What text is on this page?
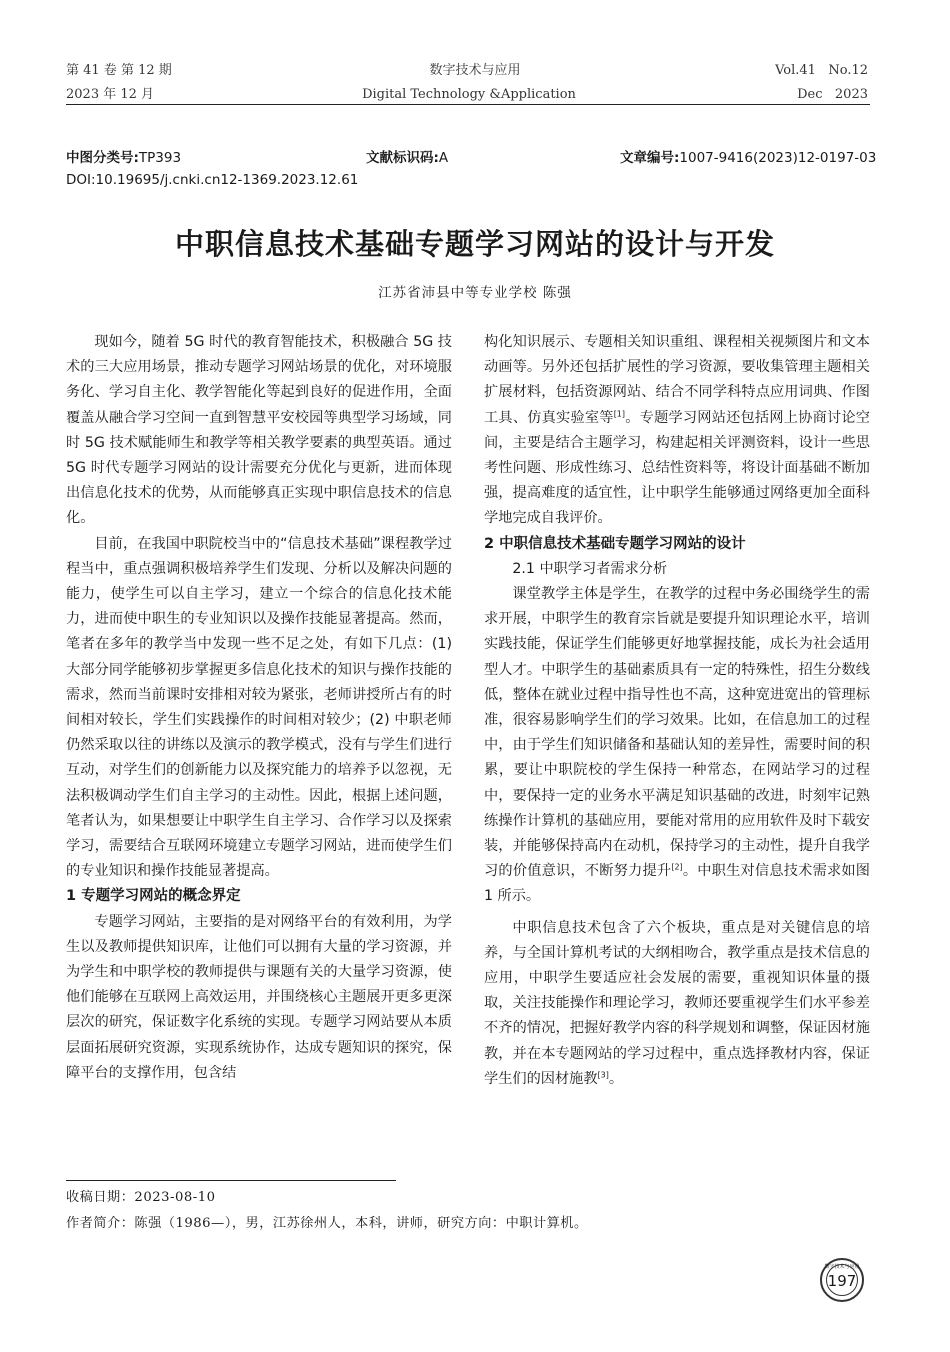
第 41 卷 第 12 期
2023 年 12 月
数字技术与应用
Digital Technology &Application
Vol.41   No.12
Dec   2023
中图分类号:TP393	文献标识码:A	文章编号:1007-9416(2023)12-0197-03
DOI:10.19695/j.cnki.cn12-1369.2023.12.61
中职信息技术基础专题学习网站的设计与开发
江苏省沛县中等专业学校 陈强

现如今，随着 5G 时代的教育智能技术，积极融合 5G 技术的三大应用场景，推动专题学习网站场景的优化，对环境服务化、学习自主化、教学智能化等起到良好的促进作用，全面覆盖从融合学习空间一直到智慧平安校园等典型学习场域，同时 5G 技术赋能师生和教学等相关教学要素的典型英语。通过 5G 时代专题学习网站的设计需要充分优化与更新，进而体现出信息化技术的优势，从而能够真正实现中职信息技术的信息化。

目前，在我国中职院校当中的“信息技术基础”课程教学过程当中，重点强调积极培养学生们发现、分析以及解决问题的能力，使学生可以自主学习，建立一个综合的信息化技术能力，进而使中职生的专业知识以及操作技能显著提高。然而，笔者在多年的教学当中发现一些不足之处，有如下几点：(1) 大部分同学能够初步掌握更多信息化技术的知识与操作技能的需求，然而当前课时安排相对较为紧张，老师讲授所占有的时间相对较长，学生们实践操作的时间相对较少；(2) 中职老师仍然采取以往的讲练以及演示的教学模式，没有与学生们进行互动，对学生们的创新能力以及探究能力的培养予以忽视，无法积极调动学生们自主学习的主动性。因此，根据上述问题，笔者认为，如果想要让中职学生自主学习、合作学习以及探索学习，需要结合互联网环境建立专题学习网站，进而使学生们的专业知识和操作技能显著提高。

1 专题学习网站的概念界定

专题学习网站，主要指的是对网络平台的有效利用，为学生以及教师提供知识库，让他们可以拥有大量的学习资源，并为学生和中职学校的教师提供与课题有关的大量学习资源，使他们能够在互联网上高效运用，并围绕核心主题展开更多更深层次的研究，保证数字化系统的实现。专题学习网站要从本质层面拓展研究资源，实现系统协作，达成专题知识的探究，保障平台的支撑作用，包含结

构化知识展示、专题相关知识重组、课程相关视频图片和文本动画等。另外还包括扩展性的学习资源，要收集管理主题相关扩展材料，包括资源网站、结合不同学科特点应用词典、作图工具、仿真实验室等[1]。专题学习网站还包括网上协商讨论空间，主要是结合主题学习，构建起相关评测资料，设计一些思考性问题、形成性练习、总结性资料等，将设计面基础不断加强，提高难度的适宜性，让中职学生能够通过网络更加全面科学地完成自我评价。

2 中职信息技术基础专题学习网站的设计

2.1 中职学习者需求分析

课堂教学主体是学生，在教学的过程中务必围绕学生的需求开展，中职学生的教育宗旨就是要提升知识理论水平，培训实践技能，保证学生们能够更好地掌握技能，成长为社会适用型人才。中职学生的基础素质具有一定的特殊性，招生分数线低，整体在就业过程中指导性也不高，这种宽进宽出的管理标准，很容易影响学生们的学习效果。比如，在信息加工的过程中，由于学生们知识储备和基础认知的差异性，需要时间的积累，要让中职院校的学生保持一种常态，在网站学习的过程中，要保持一定的业务水平满足知识基础的改进，时刻牢记熟练操作计算机的基础应用，要能对常用的应用软件及时下载安装，并能够保持高内在动机，保持学习的主动性，提升自我学习的价值意识，不断努力提升[2]。中职生对信息技术需求如图 1 所示。

中职信息技术包含了六个板块，重点是对关键信息的培养，与全国计算机考试的大纲相吻合，教学重点是技术信息的应用，中职学生要适应社会发展的需要，重视知识体量的摄取，关注技能操作和理论学习，教师还要重视学生们水平参差不齐的情况，把握好教学内容的科学规划和调整，保证因材施教，并在本专题网站的学习过程中，重点选择教材内容，保证学生们的因材施教[3]。

收稿日期：2023-08-10
作者简介：陈强（1986—），男，江苏徐州人，本科，讲师，研究方向：中职计算机。
数字技术与应用
197
